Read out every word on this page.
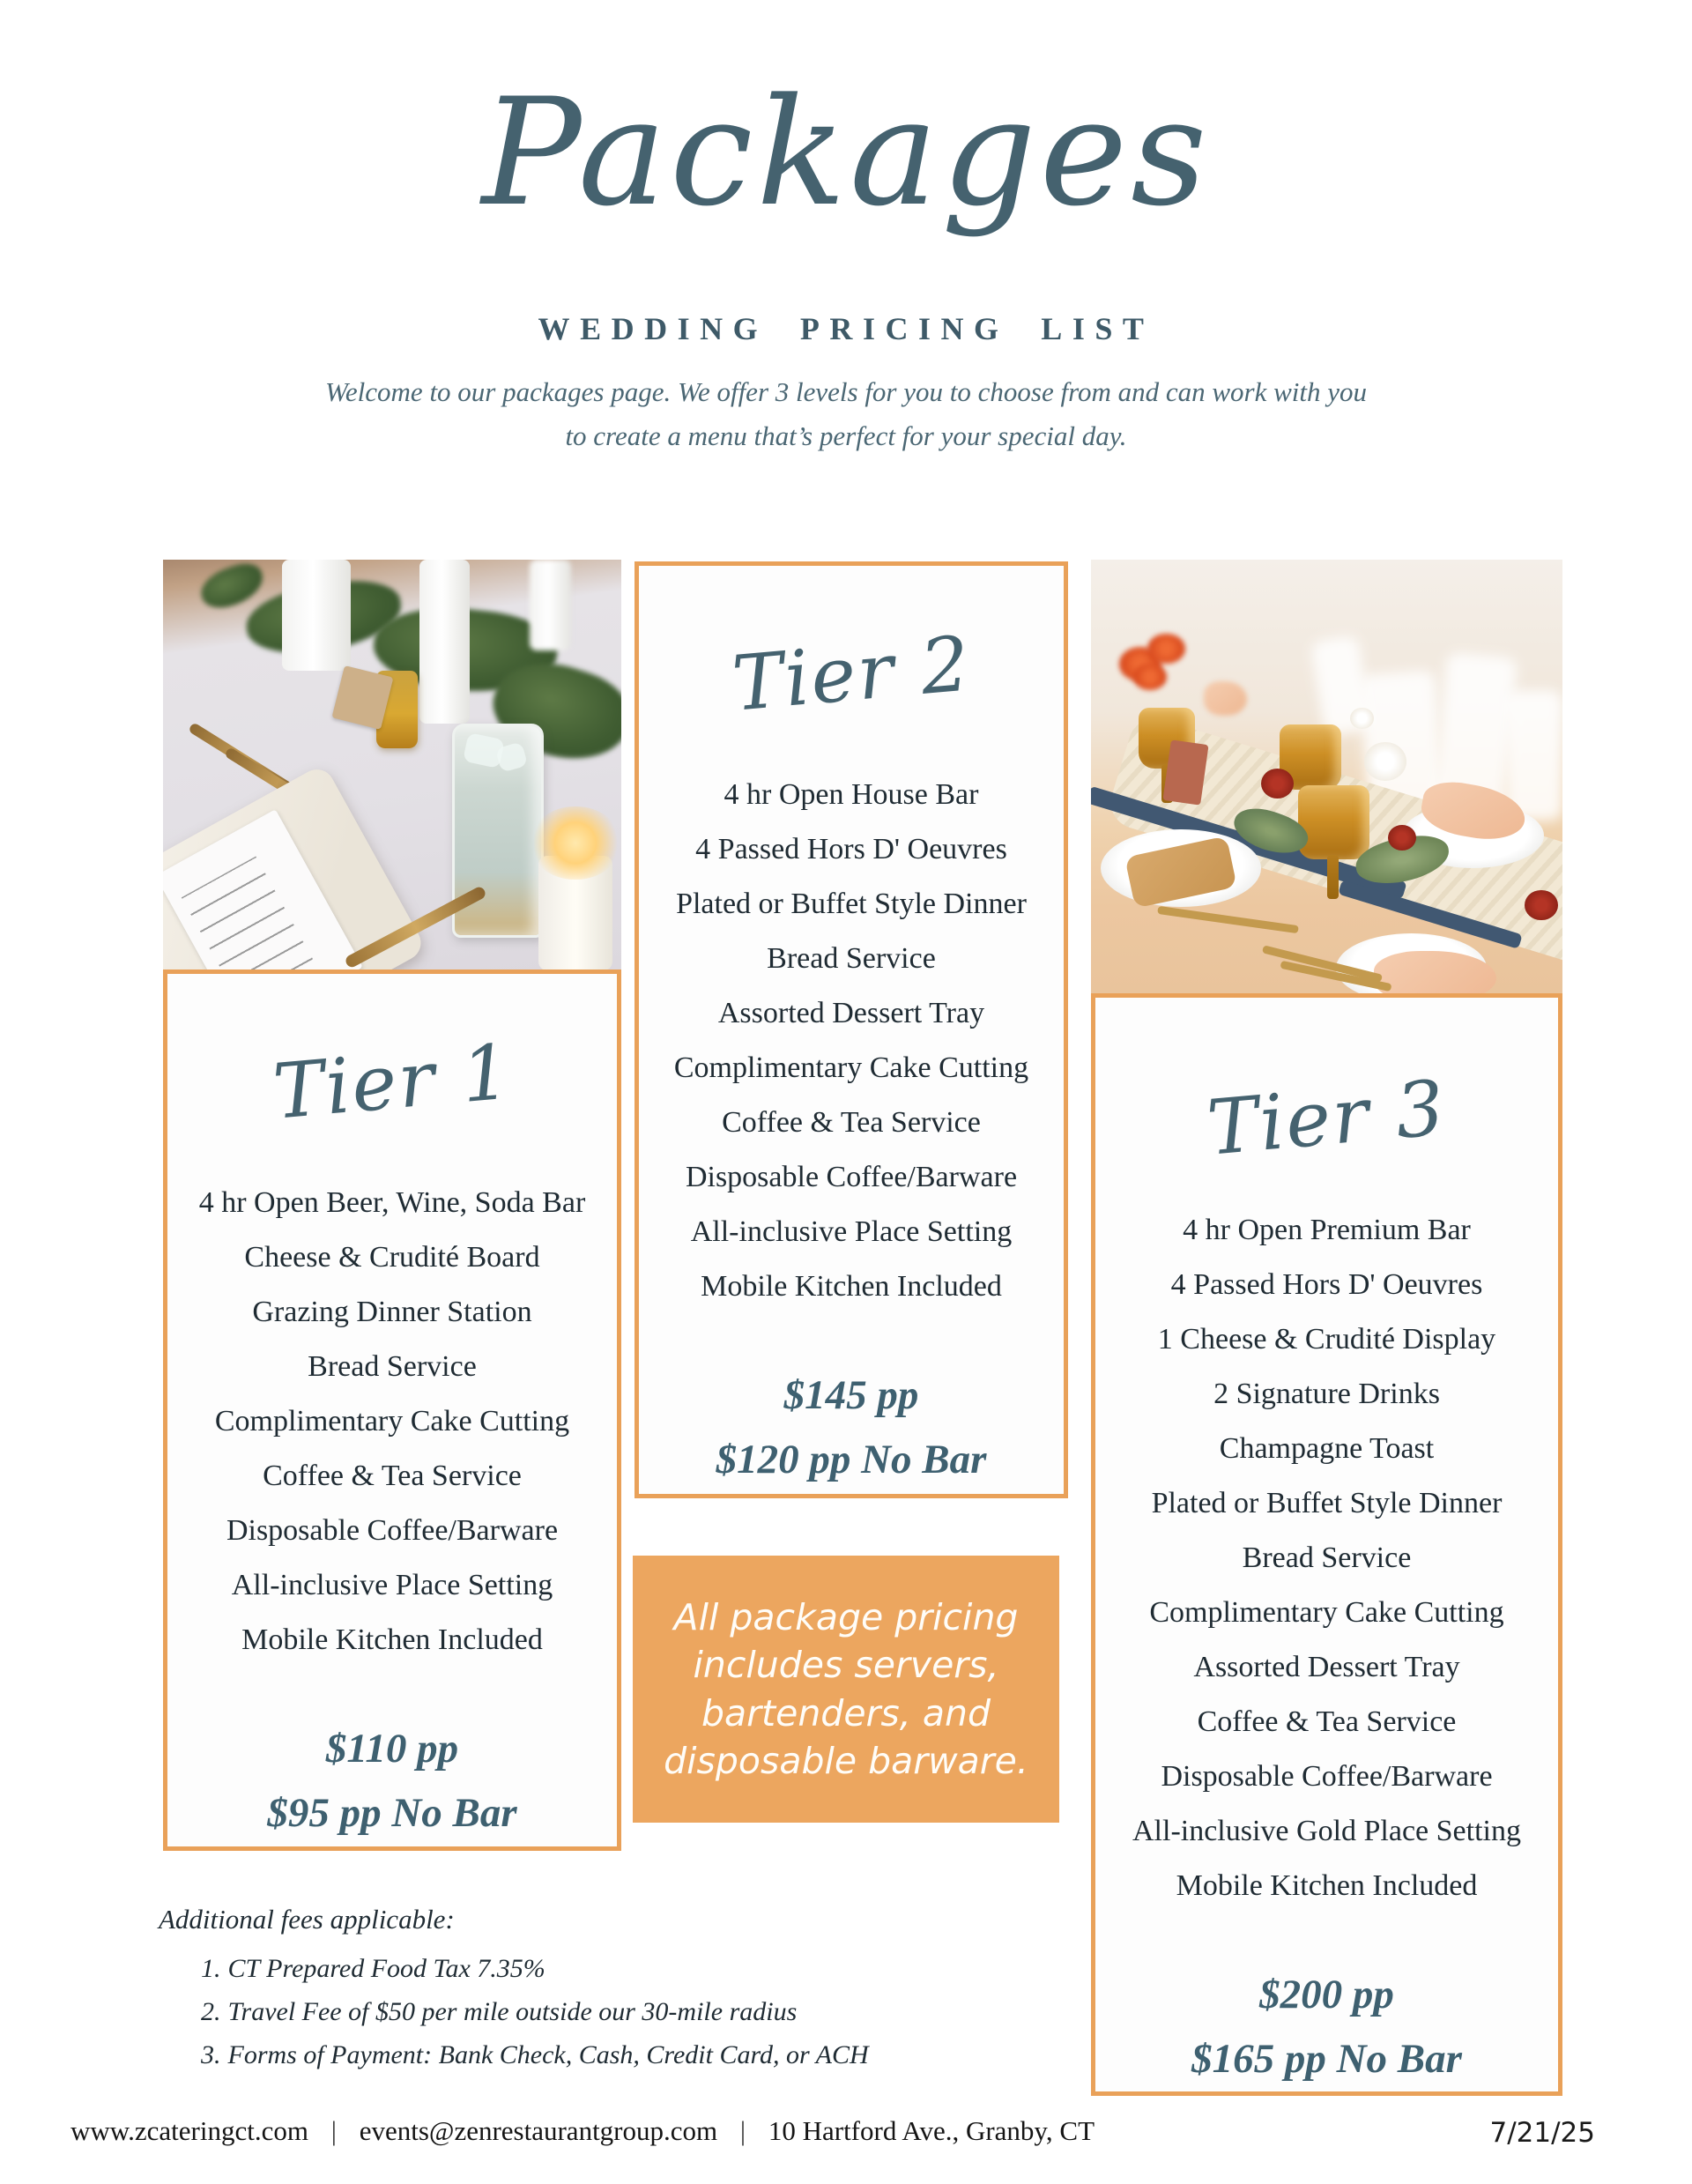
Packages
WEDDING PRICING LIST
Welcome to our packages page. We offer 3 levels for you to choose from and can work with you
to create a menu that’s perfect for your special day.
Tier 1
4 hr Open Beer, Wine, Soda Bar
Cheese & Crudité Board
Grazing Dinner Station
Bread Service
Complimentary Cake Cutting
Coffee & Tea Service
Disposable Coffee/Barware
All-inclusive Place Setting
Mobile Kitchen Included
$110 pp
$95 pp No Bar
Tier 2
4 hr Open House Bar
4 Passed Hors D' Oeuvres
Plated or Buffet Style Dinner
Bread Service
Assorted Dessert Tray
Complimentary Cake Cutting
Coffee & Tea Service
Disposable Coffee/Barware
All-inclusive Place Setting
Mobile Kitchen Included
$145 pp
$120 pp No Bar
Tier 3
4 hr Open Premium Bar
4 Passed Hors D' Oeuvres
1 Cheese & Crudité Display
2 Signature Drinks
Champagne Toast
Plated or Buffet Style Dinner
Bread Service
Complimentary Cake Cutting
Assorted Dessert Tray
Coffee & Tea Service
Disposable Coffee/Barware
All-inclusive Gold Place Setting
Mobile Kitchen Included
$200 pp
$165 pp No Bar
All package pricing includes servers, bartenders, and disposable barware.
Additional fees applicable:
CT Prepared Food Tax 7.35%
Travel Fee of $50 per mile outside our 30-mile radius
Forms of Payment: Bank Check, Cash, Credit Card, or ACH
www.zcateringct.com | events@zenrestaurantgroup.com | 10 Hartford Ave., Granby, CT	7/21/25
